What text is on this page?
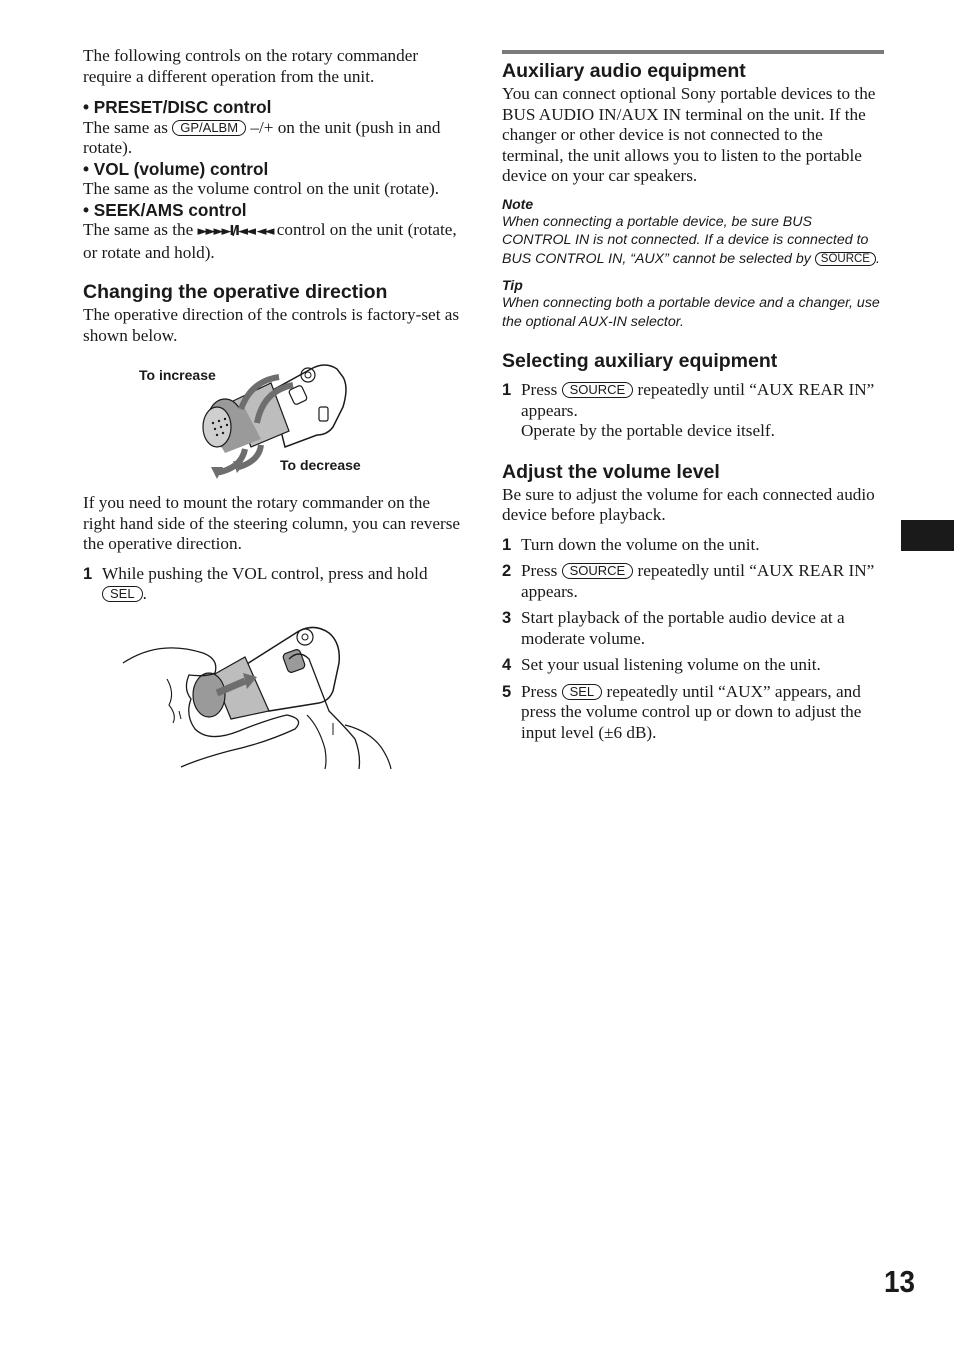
The following controls on the rotary commander require a different operation from the unit.

• PRESET/DISC control

The same as GP/ALBM –/+ on the unit (push in and rotate).

• VOL (volume) control

The same as the volume control on the unit (rotate).

• SEEK/AMS control

The same as the ►►►►I/I◄◄ ◄◄ control on the unit (rotate, or rotate and hold).

Changing the operative direction

The operative direction of the controls is factory-set as shown below.

To increase
To decrease

If you need to mount the rotary commander on the right hand side of the steering column, you can reverse the operative direction.

1 While pushing the VOL control, press and hold SEL .
Auxiliary audio equipment

You can connect optional Sony portable devices to the BUS AUDIO IN/AUX IN terminal on the unit. If the changer or other device is not connected to the terminal, the unit allows you to listen to the portable device on your car speakers.

Note

When connecting a portable device, be sure BUS CONTROL IN is not connected. If a device is connected to BUS CONTROL IN, “AUX” cannot be selected by SOURCE .

Tip

When connecting both a portable device and a changer, use the optional AUX-IN selector.

Selecting auxiliary equipment
1 Press SOURCE repeatedly until “AUX REAR IN” appears.
Operate by the portable device itself.
Adjust the volume level

Be sure to adjust the volume for each connected audio device before playback.

1 Turn down the volume on the unit.
2 Press SOURCE repeatedly until “AUX REAR IN” appears.
3 Start playback of the portable audio device at a moderate volume.
4 Set your usual listening volume on the unit.
5 Press SEL repeatedly until “AUX” appears, and press the volume control up or down to adjust the input level (±6 dB).
13
